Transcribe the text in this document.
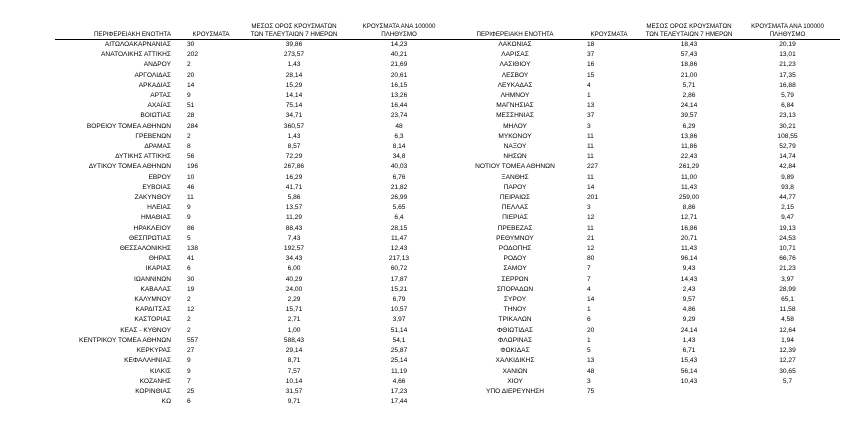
ΠΕΡΙΦΕΡΕΙΑΚΗ ΕΝΟΤΗΤΑ	ΚΡΟΥΣΜΑΤΑ	ΜΕΣΟΣ ΟΡΟΣ ΚΡΟΥΣΜΑΤΩΝ ΤΩΝ ΤΕΛΕΥΤΑΙΩΝ 7 ΗΜΕΡΩΝ	ΚΡΟΥΣΜΑΤΑ ΑΝΑ 100000 ΠΛΗΘΥΣΜΟ
ΑΙΤΩΛΟΑΚΑΡΝΑΝΙΑΣ	30	39,86	14,23
ΑΝΑΤΟΛΙΚΗΣ ΑΤΤΙΚΗΣ	202	273,57	40,21
ΑΝΔΡΟΥ	2	1,43	21,69
ΑΡΓΟΛΙΔΑΣ	20	28,14	20,61
ΑΡΚΑΔΙΑΣ	14	15,29	16,15
ΑΡΤΑΣ	9	14,14	13,26
ΑΧΑΪΑΣ	51	75,14	16,44
ΒΟΙΩΤΙΑΣ	28	34,71	23,74
ΒΟΡΕΙΟΥ ΤΟΜΕΑ ΑΘΗΝΩΝ	284	360,57	48
ΓΡΕΒΕΝΩΝ	2	1,43	6,3
ΔΡΑΜΑΣ	8	8,57	8,14
ΔΥΤΙΚΗΣ ΑΤΤΙΚΗΣ	56	72,29	34,8
ΔΥΤΙΚΟΥ ΤΟΜΕΑ ΑΘΗΝΩΝ	196	267,86	40,03
ΕΒΡΟΥ	10	16,29	6,76
ΕΥΒΟΙΑΣ	46	41,71	21,82
ΖΑΚΥΝΘΟΥ	11	5,86	26,99
ΗΛΕΙΑΣ	9	13,57	5,65
ΗΜΑΘΙΑΣ	9	11,29	6,4
ΗΡΑΚΛΕΙΟΥ	86	88,43	28,15
ΘΕΣΠΡΩΤΙΑΣ	5	7,43	11,47
ΘΕΣΣΑΛΟΝΙΚΗΣ	138	192,57	12,43
ΘΗΡΑΣ	41	34,43	217,13
ΙΚΑΡΙΑΣ	6	6,00	60,72
ΙΩΑΝΝΙΝΩΝ	30	40,29	17,87
ΚΑΒΑΛΑΣ	19	24,00	15,21
ΚΑΛΥΜΝΟΥ	2	2,29	6,79
ΚΑΡΔΙΤΣΑΣ	12	15,71	10,57
ΚΑΣΤΟΡΙΑΣ	2	2,71	3,97
ΚΕΑΣ - ΚΥΘΝΟΥ	2	1,00	51,14
ΚΕΝΤΡΙΚΟΥ ΤΟΜΕΑ ΑΘΗΝΩΝ	557	588,43	54,1
ΚΕΡΚΥΡΑΣ	27	29,14	25,87
ΚΕΦΑΛΛΗΝΙΑΣ	9	8,71	25,14
ΚΙΛΚΙΣ	9	7,57	11,19
ΚΟΖΑΝΗΣ	7	10,14	4,66
ΚΟΡΙΝΘΙΑΣ	25	31,57	17,23
ΚΩ	6	9,71	17,44
ΠΕΡΙΦΕΡΕΙΑΚΗ ΕΝΟΤΗΤΑ	ΚΡΟΥΣΜΑΤΑ	ΜΕΣΟΣ ΟΡΟΣ ΚΡΟΥΣΜΑΤΩΝ ΤΩΝ ΤΕΛΕΥΤΑΙΩΝ 7 ΗΜΕΡΩΝ	ΚΡΟΥΣΜΑΤΑ ΑΝΑ 100000 ΠΛΗΘΥΣΜΟ
ΛΑΚΩΝΙΑΣ	18	18,43	20,19
ΛΑΡΙΣΑΣ	37	57,43	13,01
ΛΑΣΙΘΙΟΥ	16	18,86	21,23
ΛΕΣΒΟΥ	15	21,00	17,35
ΛΕΥΚΑΔΑΣ	4	5,71	16,88
ΛΗΜΝΟΥ	1	2,86	5,79
ΜΑΓΝΗΣΙΑΣ	13	24,14	6,84
ΜΕΣΣΗΝΙΑΣ	37	39,57	23,13
ΜΗΛΟΥ	3	6,29	30,21
ΜΥΚΟΝΟΥ	11	13,86	108,55
ΝΑΞΟΥ	11	11,86	52,79
ΝΗΣΩΝ	11	22,43	14,74
ΝΟΤΙΟΥ ΤΟΜΕΑ ΑΘΗΝΩΝ	227	261,29	42,84
ΞΑΝΘΗΣ	11	11,00	9,89
ΠΑΡΟΥ	14	11,43	93,8
ΠΕΙΡΑΙΩΣ	201	259,00	44,77
ΠΕΛΛΑΣ	3	8,86	2,15
ΠΙΕΡΙΑΣ	12	12,71	9,47
ΠΡΕΒΕΖΑΣ	11	16,86	19,13
ΡΕΘΥΜΝΟΥ	21	20,71	24,53
ΡΟΔΟΠΗΣ	12	11,43	10,71
ΡΟΔΟΥ	80	96,14	66,76
ΣΑΜΟΥ	7	9,43	21,23
ΣΕΡΡΩΝ	7	14,43	3,97
ΣΠΟΡΑΔΩΝ	4	2,43	28,99
ΣΥΡΟΥ	14	9,57	65,1
ΤΗΝΟΥ	1	4,86	11,58
ΤΡΙΚΑΛΩΝ	6	9,29	4,58
ΦΘΙΩΤΙΔΑΣ	20	24,14	12,64
ΦΛΩΡΙΝΑΣ	1	1,43	1,94
ΦΩΚΙΔΑΣ	5	6,71	12,39
ΧΑΛΚΙΔΙΚΗΣ	13	15,43	12,27
ΧΑΝΙΩΝ	48	56,14	30,65
ΧΙΟΥ	3	10,43	5,7
ΥΠΟ ΔΙΕΡΕΥΝΗΣΗ	75		
